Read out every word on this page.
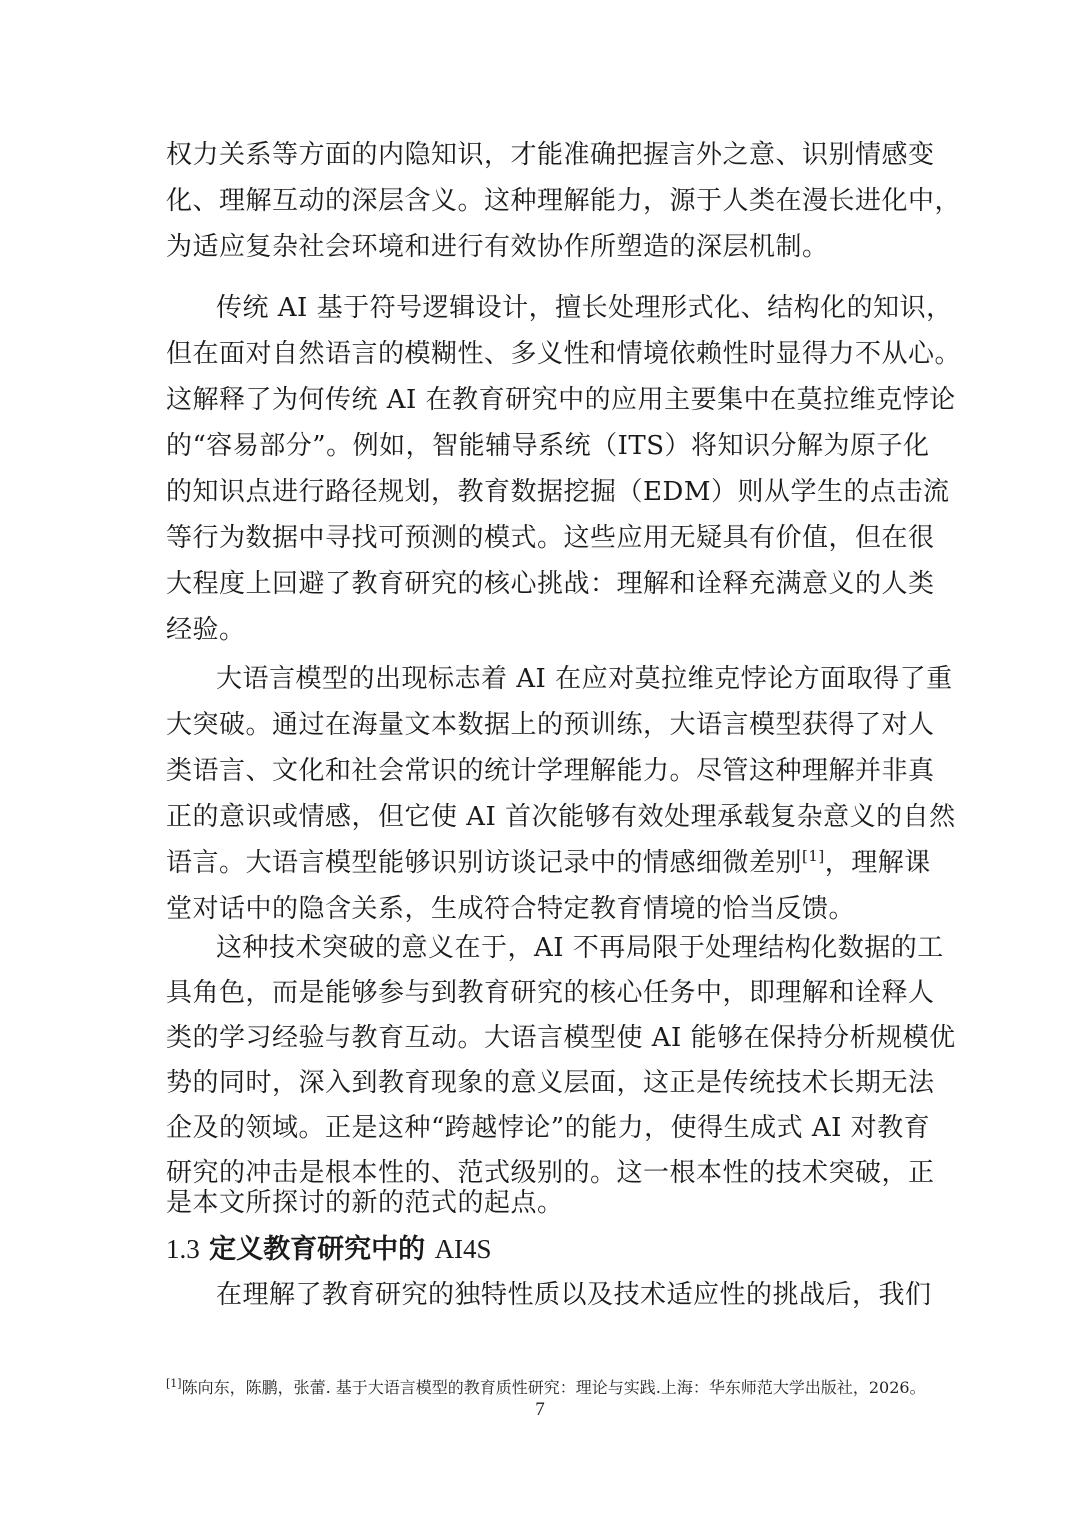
权力关系等方面的内隐知识，才能准确把握言外之意、识别情感变
化、理解互动的深层含义。这种理解能力，源于人类在漫长进化中，
为适应复杂社会环境和进行有效协作所塑造的深层机制。
传统 AI 基于符号逻辑设计，擅长处理形式化、结构化的知识，
但在面对自然语言的模糊性、多义性和情境依赖性时显得力不从心。
这解释了为何传统 AI 在教育研究中的应用主要集中在莫拉维克悖论
的“容易部分”。例如，智能辅导系统（ITS）将知识分解为原子化
的知识点进行路径规划，教育数据挖掘（EDM）则从学生的点击流
等行为数据中寻找可预测的模式。这些应用无疑具有价值，但在很
大程度上回避了教育研究的核心挑战：理解和诠释充满意义的人类
经验。
大语言模型的出现标志着 AI 在应对莫拉维克悖论方面取得了重
大突破。通过在海量文本数据上的预训练，大语言模型获得了对人
类语言、文化和社会常识的统计学理解能力。尽管这种理解并非真
正的意识或情感，但它使 AI 首次能够有效处理承载复杂意义的自然
语言。大语言模型能够识别访谈记录中的情感细微差别[1]，理解课
堂对话中的隐含关系，生成符合特定教育情境的恰当反馈。
这种技术突破的意义在于，AI 不再局限于处理结构化数据的工
具角色，而是能够参与到教育研究的核心任务中，即理解和诠释人
类的学习经验与教育互动。大语言模型使 AI 能够在保持分析规模优
势的同时，深入到教育现象的意义层面，这正是传统技术长期无法
企及的领域。正是这种“跨越悖论”的能力，使得生成式 AI 对教育
研究的冲击是根本性的、范式级别的。这一根本性的技术突破，正
是本文所探讨的新的范式的起点。
1.3 定义教育研究中的 AI4S
在理解了教育研究的独特性质以及技术适应性的挑战后，我们
[1]陈向东，陈鹏，张蕾. 基于大语言模型的教育质性研究：理论与实践.上海：华东师范大学出版社，2026。
7
